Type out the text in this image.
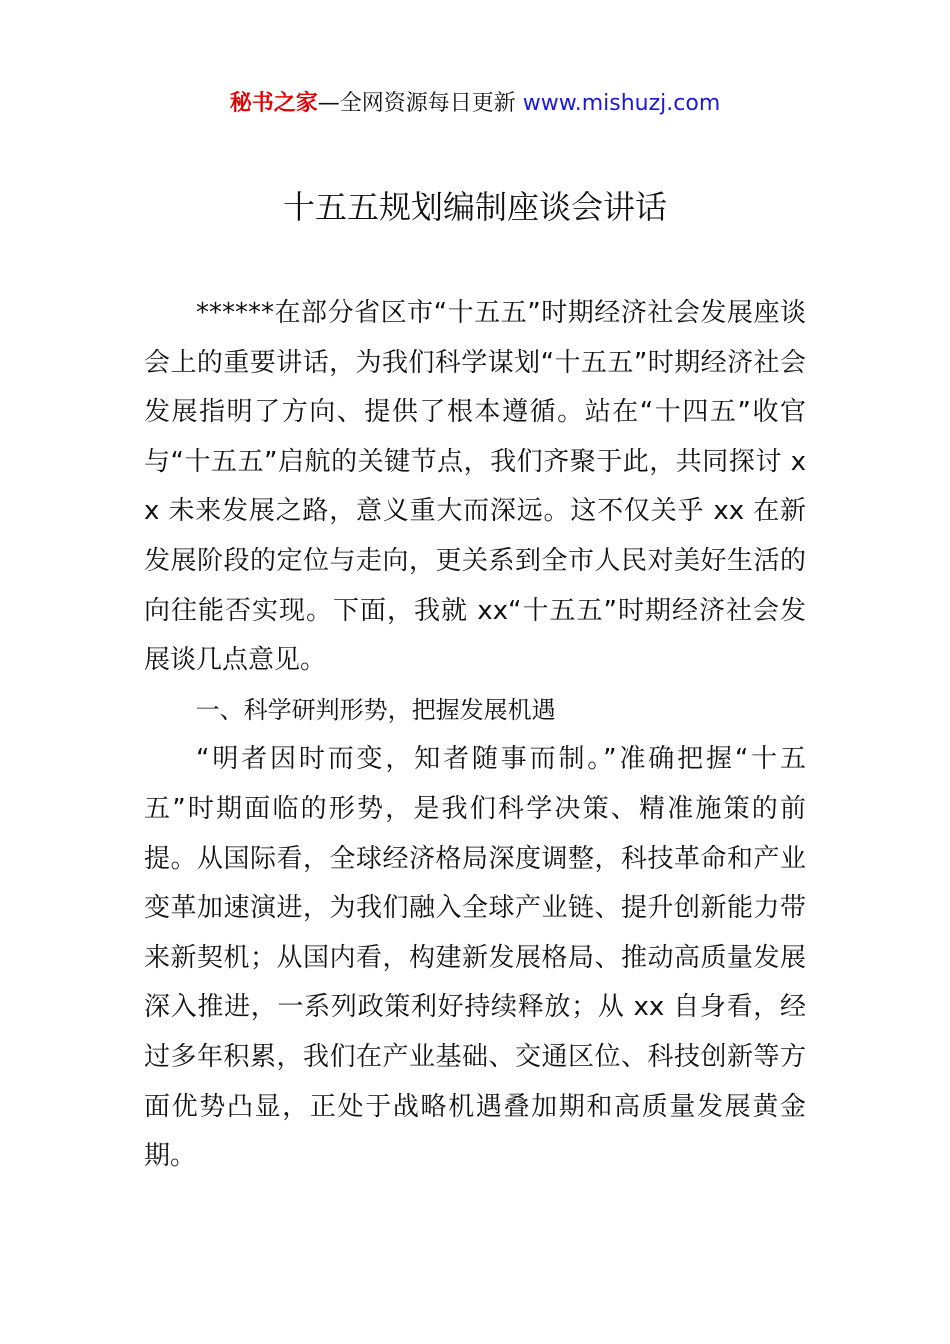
秘书之家—全网资源每日更新 www.mishuzj.com
十五五规划编制座谈会讲话

******在部分省区市“十五五”时期经济社会发展座谈会上的重要讲话，为我们科学谋划“十五五”时期经济社会发展指明了方向、提供了根本遵循。站在“十四五”收官与“十五五”启航的关键节点，我们齐聚于此，共同探讨 xx 未来发展之路，意义重大而深远。这不仅关乎 xx 在新发展阶段的定位与走向，更关系到全市人民对美好生活的向往能否实现。下面，我就 xx“十五五”时期经济社会发展谈几点意见。

一、科学研判形势，把握发展机遇

“明者因时而变，知者随事而制。”准确把握“十五五”时期面临的形势，是我们科学决策、精准施策的前提。从国际看，全球经济格局深度调整，科技革命和产业变革加速演进，为我们融入全球产业链、提升创新能力带来新契机；从国内看，构建新发展格局、推动高质量发展深入推进，一系列政策利好持续释放；从 xx 自身看，经过多年积累，我们在产业基础、交通区位、科技创新等方面优势凸显，正处于战略机遇叠加期和高质量发展黄金期。
